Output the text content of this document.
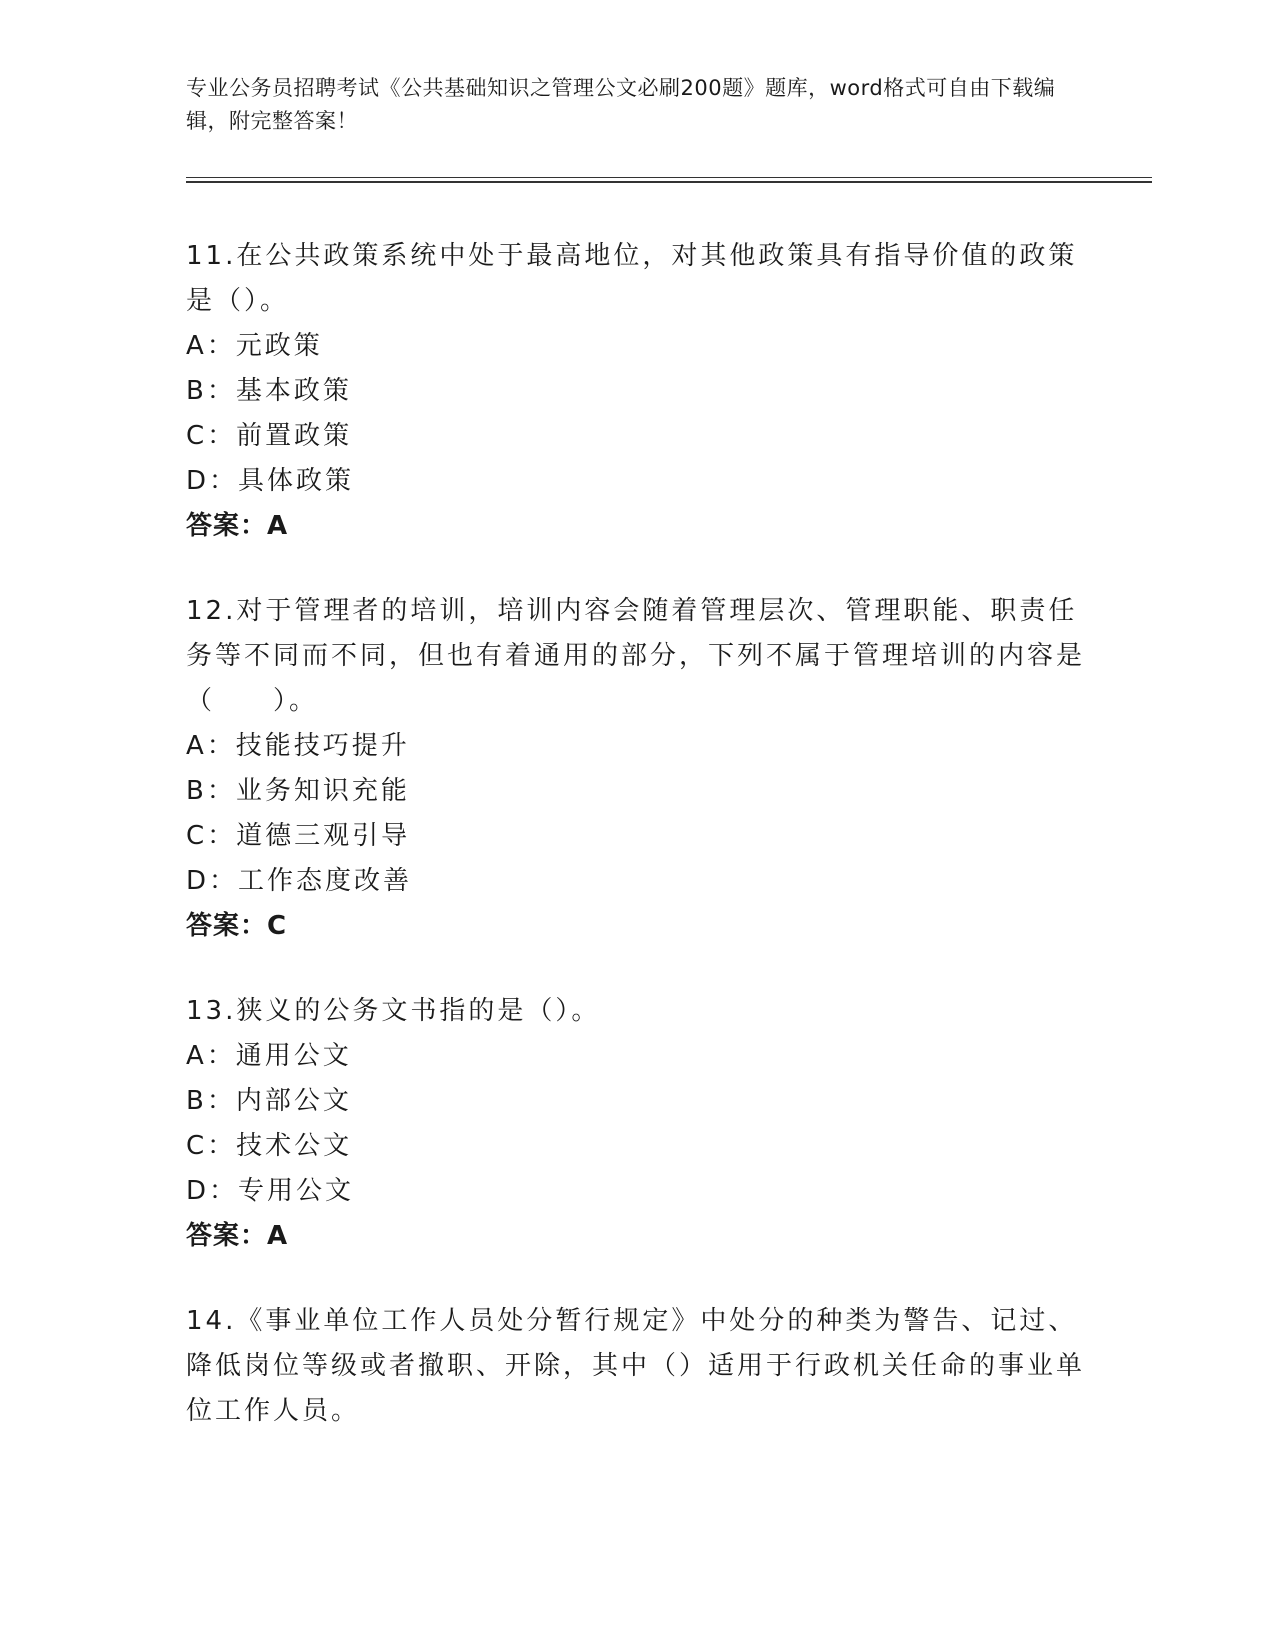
专业公务员招聘考试《公共基础知识之管理公文必刷200题》题库，word格式可自由下载编辑，附完整答案！
11.在公共政策系统中处于最高地位，对其他政策具有指导价值的政策是（）。
A：元政策
B：基本政策
C：前置政策
D：具体政策
答案：A
12.对于管理者的培训，培训内容会随着管理层次、管理职能、职责任务等不同而不同，但也有着通用的部分，下列不属于管理培训的内容是（　　）。
A：技能技巧提升
B：业务知识充能
C：道德三观引导
D：工作态度改善
答案：C
13.狭义的公务文书指的是（）。
A：通用公文
B：内部公文
C：技术公文
D：专用公文
答案：A
14.《事业单位工作人员处分暂行规定》中处分的种类为警告、记过、降低岗位等级或者撤职、开除，其中（）适用于行政机关任命的事业单位工作人员。
